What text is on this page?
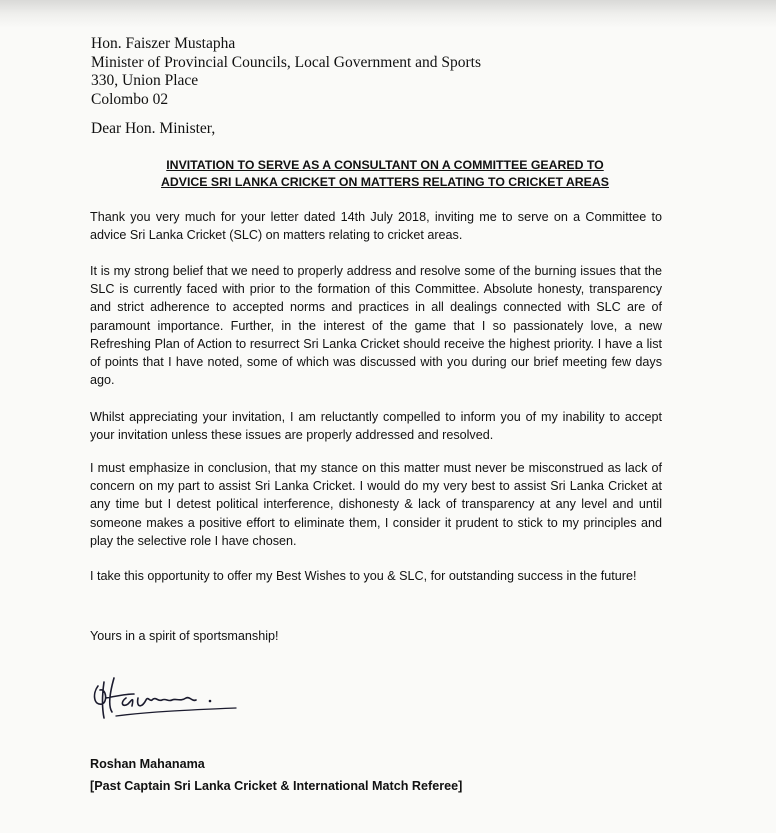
Hon. Faiszer Mustapha
Minister of Provincial Councils, Local Government and Sports
330, Union Place
Colombo 02
Dear Hon. Minister,
INVITATION TO SERVE AS A CONSULTANT ON A COMMITTEE GEARED TO
ADVICE SRI LANKA CRICKET ON MATTERS RELATING TO CRICKET AREAS
Thank you very much for your letter dated 14th July 2018, inviting me to serve on a Committee to advice Sri Lanka Cricket (SLC) on matters relating to cricket areas.
It is my strong belief that we need to properly address and resolve some of the burning issues that the SLC is currently faced with prior to the formation of this Committee. Absolute honesty, transparency and strict adherence to accepted norms and practices in all dealings connected with SLC are of paramount importance. Further, in the interest of the game that I so passionately love, a new Refreshing Plan of Action to resurrect Sri Lanka Cricket should receive the highest priority. I have a list of points that I have noted, some of which was discussed with you during our brief meeting few days ago.
Whilst appreciating your invitation, I am reluctantly compelled to inform you of my inability to accept your invitation unless these issues are properly addressed and resolved.
I must emphasize in conclusion, that my stance on this matter must never be misconstrued as lack of concern on my part to assist Sri Lanka Cricket. I would do my very best to assist Sri Lanka Cricket at any time but I detest political interference, dishonesty & lack of transparency at any level and until someone makes a positive effort to eliminate them, I consider it prudent to stick to my principles and play the selective role I have chosen.
I take this opportunity to offer my Best Wishes to you & SLC, for outstanding success in the future!
Yours in a spirit of sportsmanship!
Roshan Mahanama
[Past Captain Sri Lanka Cricket & International Match Referee]
